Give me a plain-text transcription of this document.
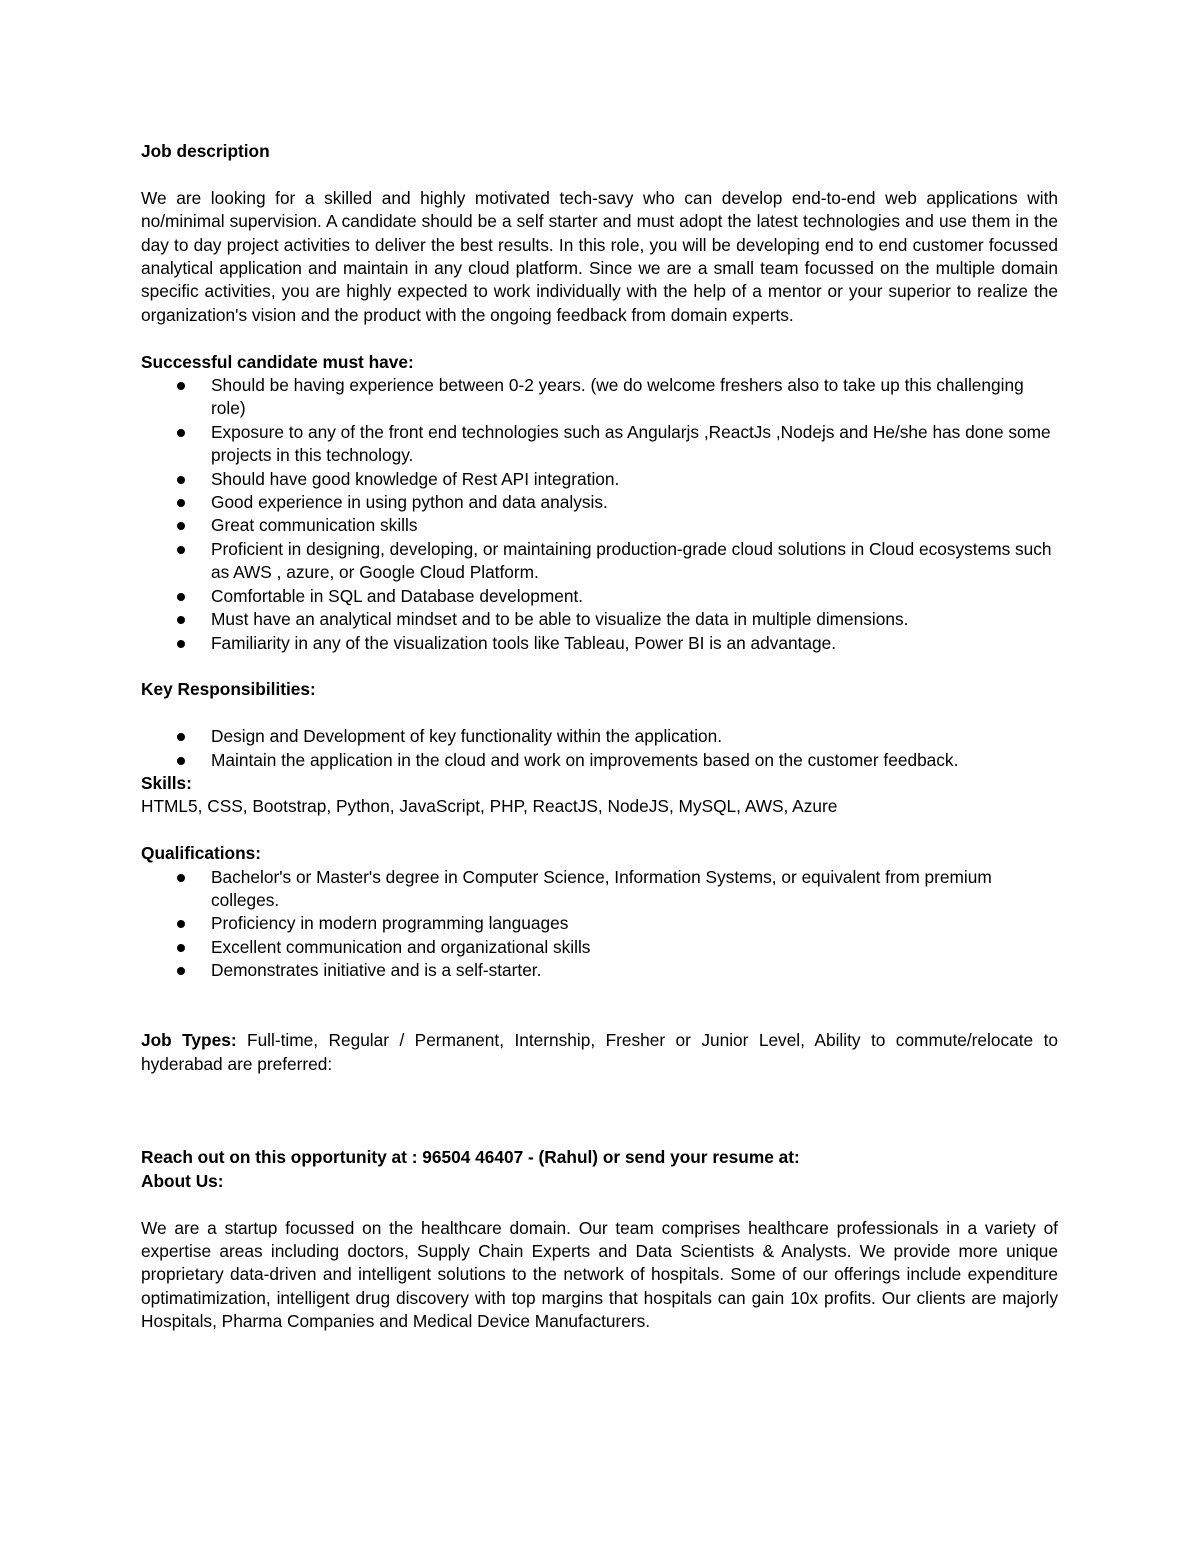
Job description

We are looking for a skilled and highly motivated tech-savy who can develop end-to-end web applications with no/minimal supervision. A candidate should be a self starter and must adopt the latest technologies and use them in the day to day project activities to deliver the best results. In this role, you will be developing end to end customer focussed analytical application and maintain in any cloud platform. Since we are a small team focussed on the multiple domain specific activities, you are highly expected to work individually with the help of a mentor or your superior to realize the organization's vision and the product with the ongoing feedback from domain experts.

Successful candidate must have:

Should be having experience between 0-2 years. (we do welcome freshers also to take up this challenging role)
Exposure to any of the front end technologies such as Angularjs ,ReactJs ,Nodejs and He/she has done some projects in this technology.
Should have good knowledge of Rest API integration.
Good experience in using python and data analysis.
Great communication skills
Proficient in designing, developing, or maintaining production-grade cloud solutions in Cloud ecosystems such as AWS , azure, or Google Cloud Platform.
Comfortable in SQL and Database development.
Must have an analytical mindset and to be able to visualize the data in multiple dimensions.
Familiarity in any of the visualization tools like Tableau, Power BI is an advantage.

Key Responsibilities:

Design and Development of key functionality within the application.
Maintain the application in the cloud and work on improvements based on the customer feedback.

Skills:

HTML5, CSS, Bootstrap, Python, JavaScript, PHP, ReactJS, NodeJS, MySQL, AWS, Azure

Qualifications:

Bachelor's or Master's degree in Computer Science, Information Systems, or equivalent from premium colleges.
Proficiency in modern programming languages
Excellent communication and organizational skills
Demonstrates initiative and is a self-starter.

Job Types: Full-time, Regular / Permanent, Internship, Fresher or Junior Level, Ability to commute/relocate to hyderabad are preferred:

Reach out on this opportunity at : 96504 46407 - (Rahul) or send your resume at:

About Us:

We are a startup focussed on the healthcare domain. Our team comprises healthcare professionals in a variety of expertise areas including doctors, Supply Chain Experts and Data Scientists & Analysts. We provide more unique proprietary data-driven and intelligent solutions to the network of hospitals. Some of our offerings include expenditure optimatimization, intelligent drug discovery with top margins that hospitals can gain 10x profits. Our clients are majorly Hospitals, Pharma Companies and Medical Device Manufacturers.
